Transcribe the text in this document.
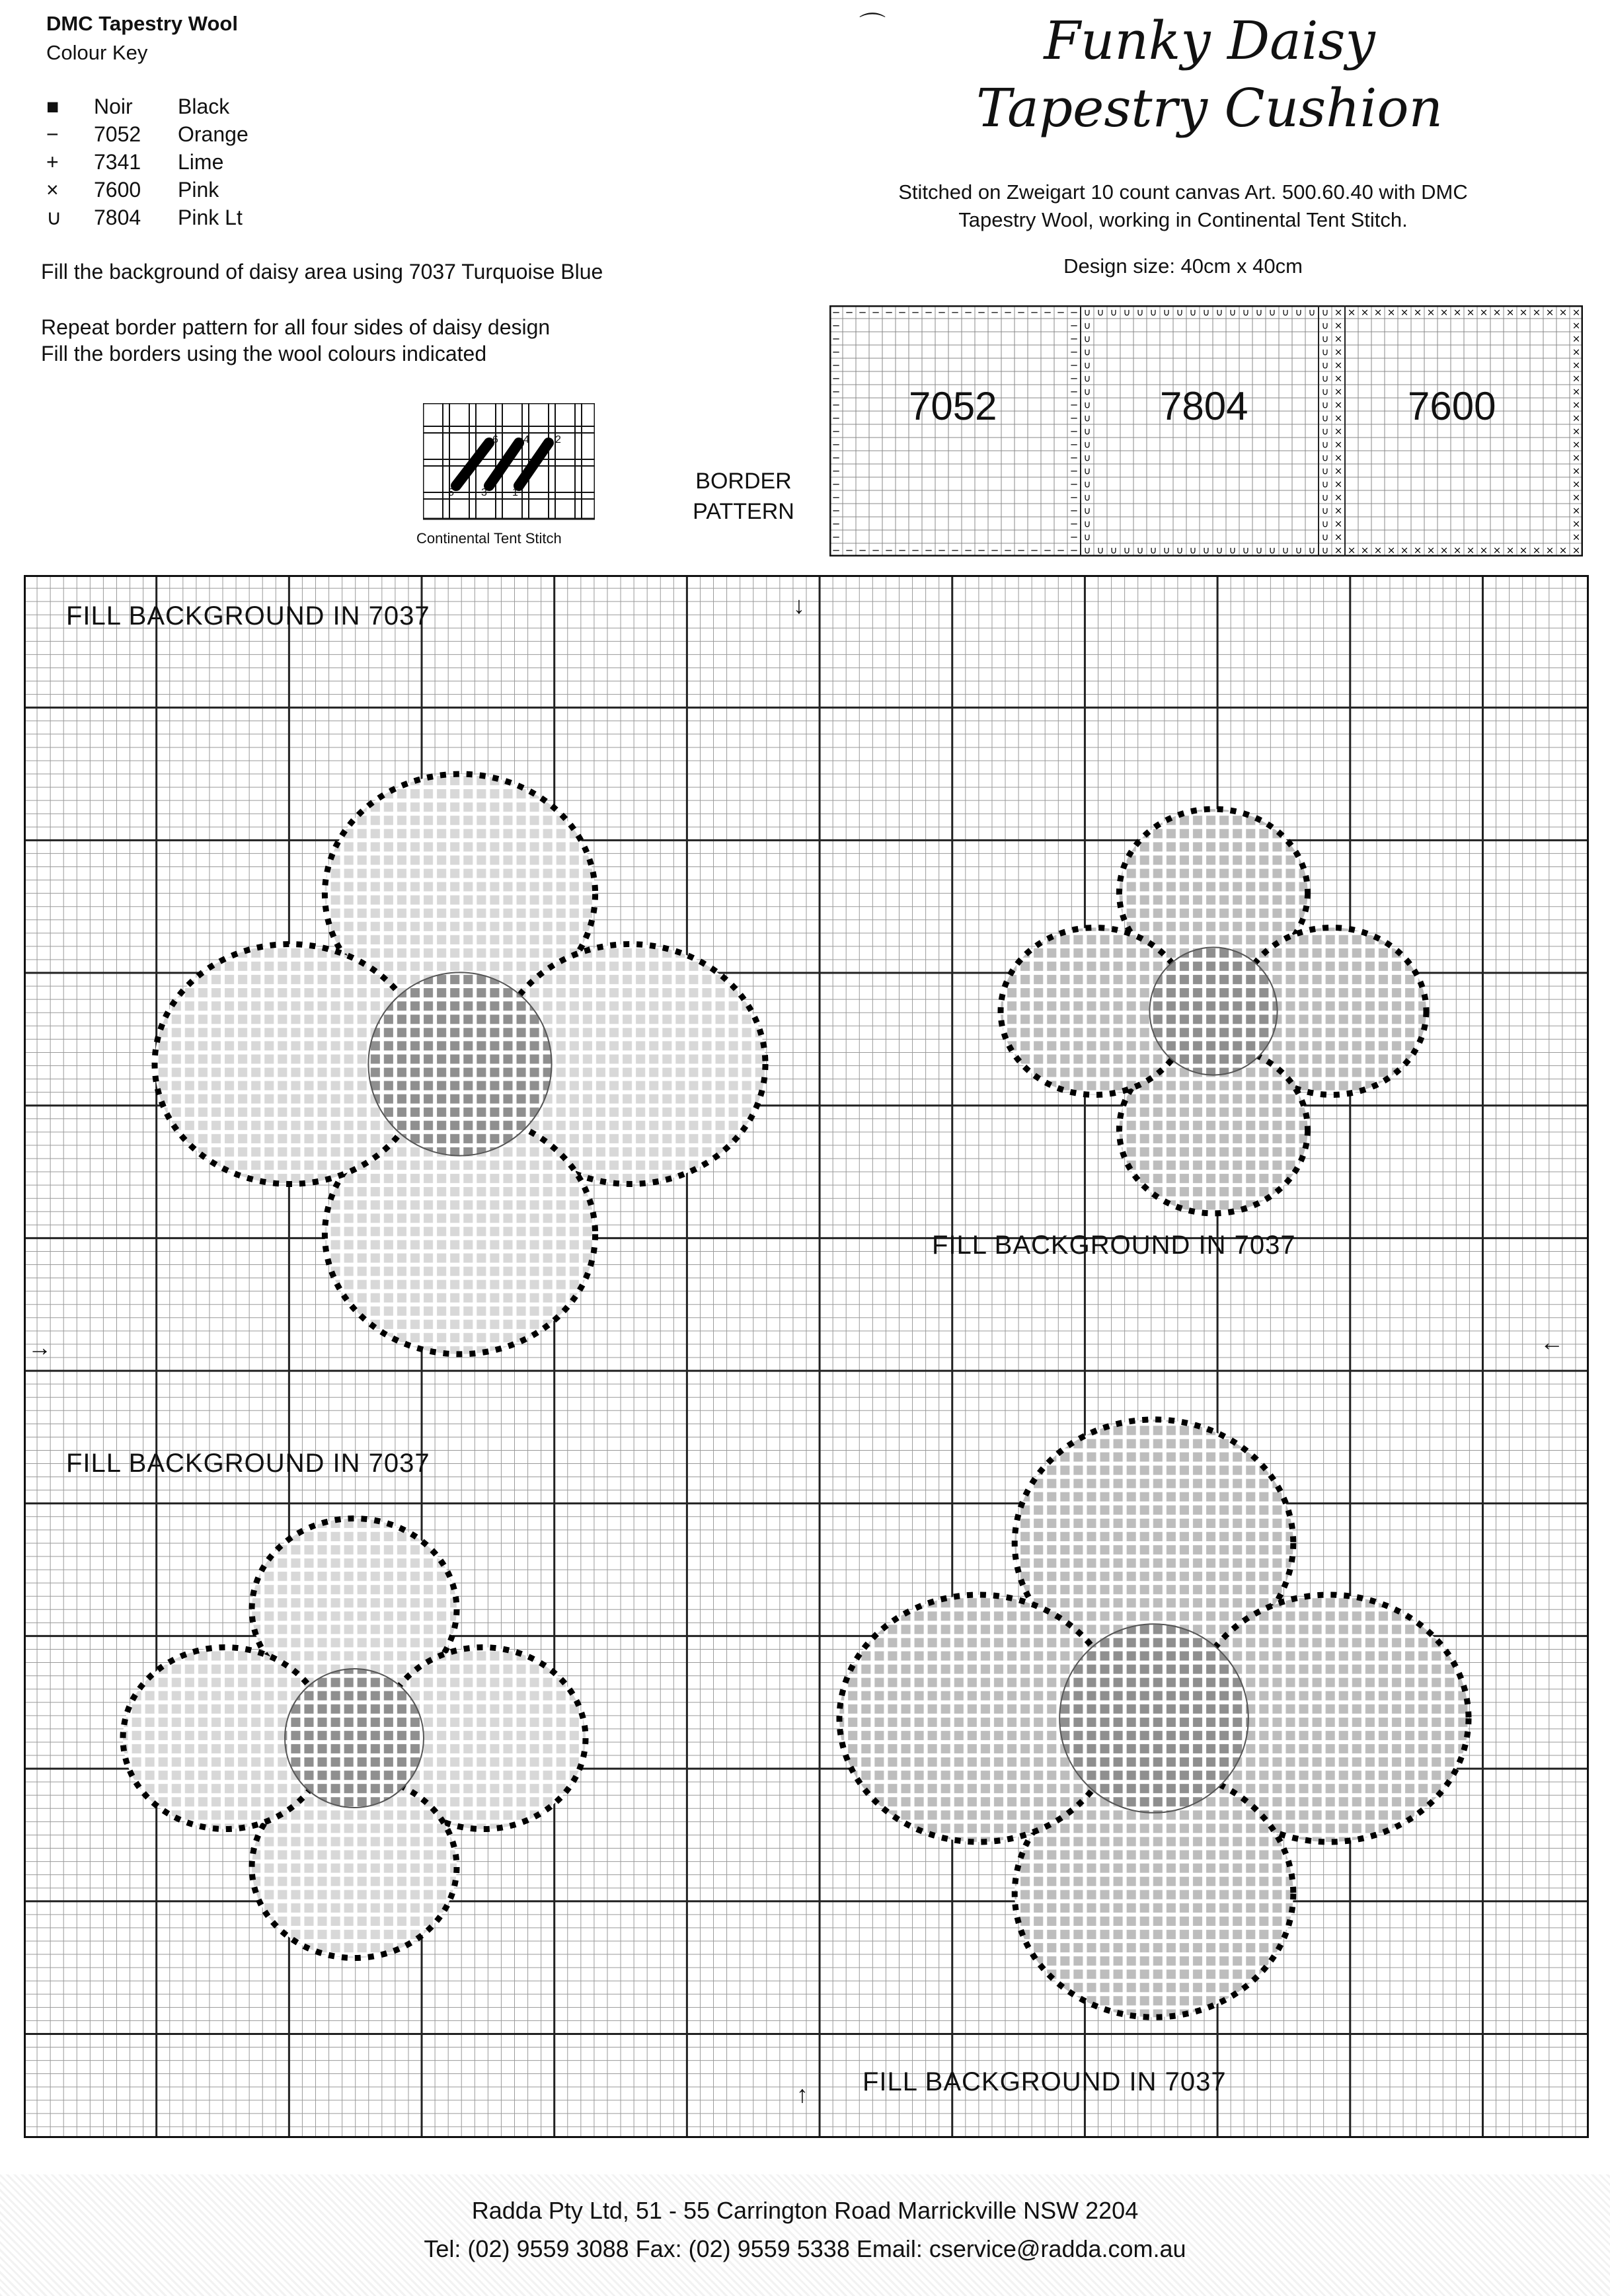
DMC Tapestry Wool
Colour Key
■	Noir	Black
−	7052	Orange
+	7341	Lime
×	7600	Pink
∪	7804	Pink Lt
Fill the background of daisy area using 7037 Turquoise Blue
Repeat border pattern for all four sides of daisy design
Fill the borders using the wool colours indicated
6 4 2
5	3 1
Continental Tent Stitch
⌒	Funky Daisy
Tapestry Cushion
Stitched on Zweigart 10 count canvas Art. 500.60.40 with DMC
Tapestry Wool, working in Continental Tent Stitch.
Design size: 40cm x 40cm
BORDER
PATTERN
−
−
−
−
−
−
−
−
−
−
−
−
−
−
−
−
−
−
−
−
−
−
−
−
−
−
−
−
−
−
−
−
−
−
−
−
−
−
∪
∪
∪
∪
∪
∪
∪
∪
∪
∪
∪
∪
∪
∪
∪
∪
∪
∪
∪
∪
∪
∪
∪
∪
∪
∪
∪
∪
∪
∪
∪
∪
∪
∪
∪
∪
∪
∪
×
×
×
×
×
×
×
×
×
×
×
×
×
×
×
×
×
×
×
×
×
×
×
×
×
×
×
×
×
×
×
×
×
×
×
×
×
×
−	− ∪	∪ ×	×
−	− ∪	∪ ×	×
−	− ∪	∪ ×	×
−	− ∪	∪ ×	×
−	− ∪	∪ ×	×
−	− ∪	∪ ×	×
−	− ∪	∪ ×	×
−	− ∪	∪ ×	×
−	− ∪	∪ ×	×
−	− ∪	∪ ×	×
−	− ∪	∪ ×	×
−	− ∪	∪ ×	×
−	− ∪	∪ ×	×
−	− ∪	∪ ×	×
−	− ∪	∪ ×	×
−	− ∪	∪ ×	×
−	− ∪	∪ ×	×
7052	7804	7600
FILL BACKGROUND IN 7037
FILL BACKGROUND IN 7037
FILL BACKGROUND IN 7037
FILL BACKGROUND IN 7037
↓
↑
→	←
Radda Pty Ltd, 51 - 55 Carrington Road Marrickville NSW 2204
Tel: (02) 9559 3088 Fax: (02) 9559 5338 Email: cservice@radda.com.au
